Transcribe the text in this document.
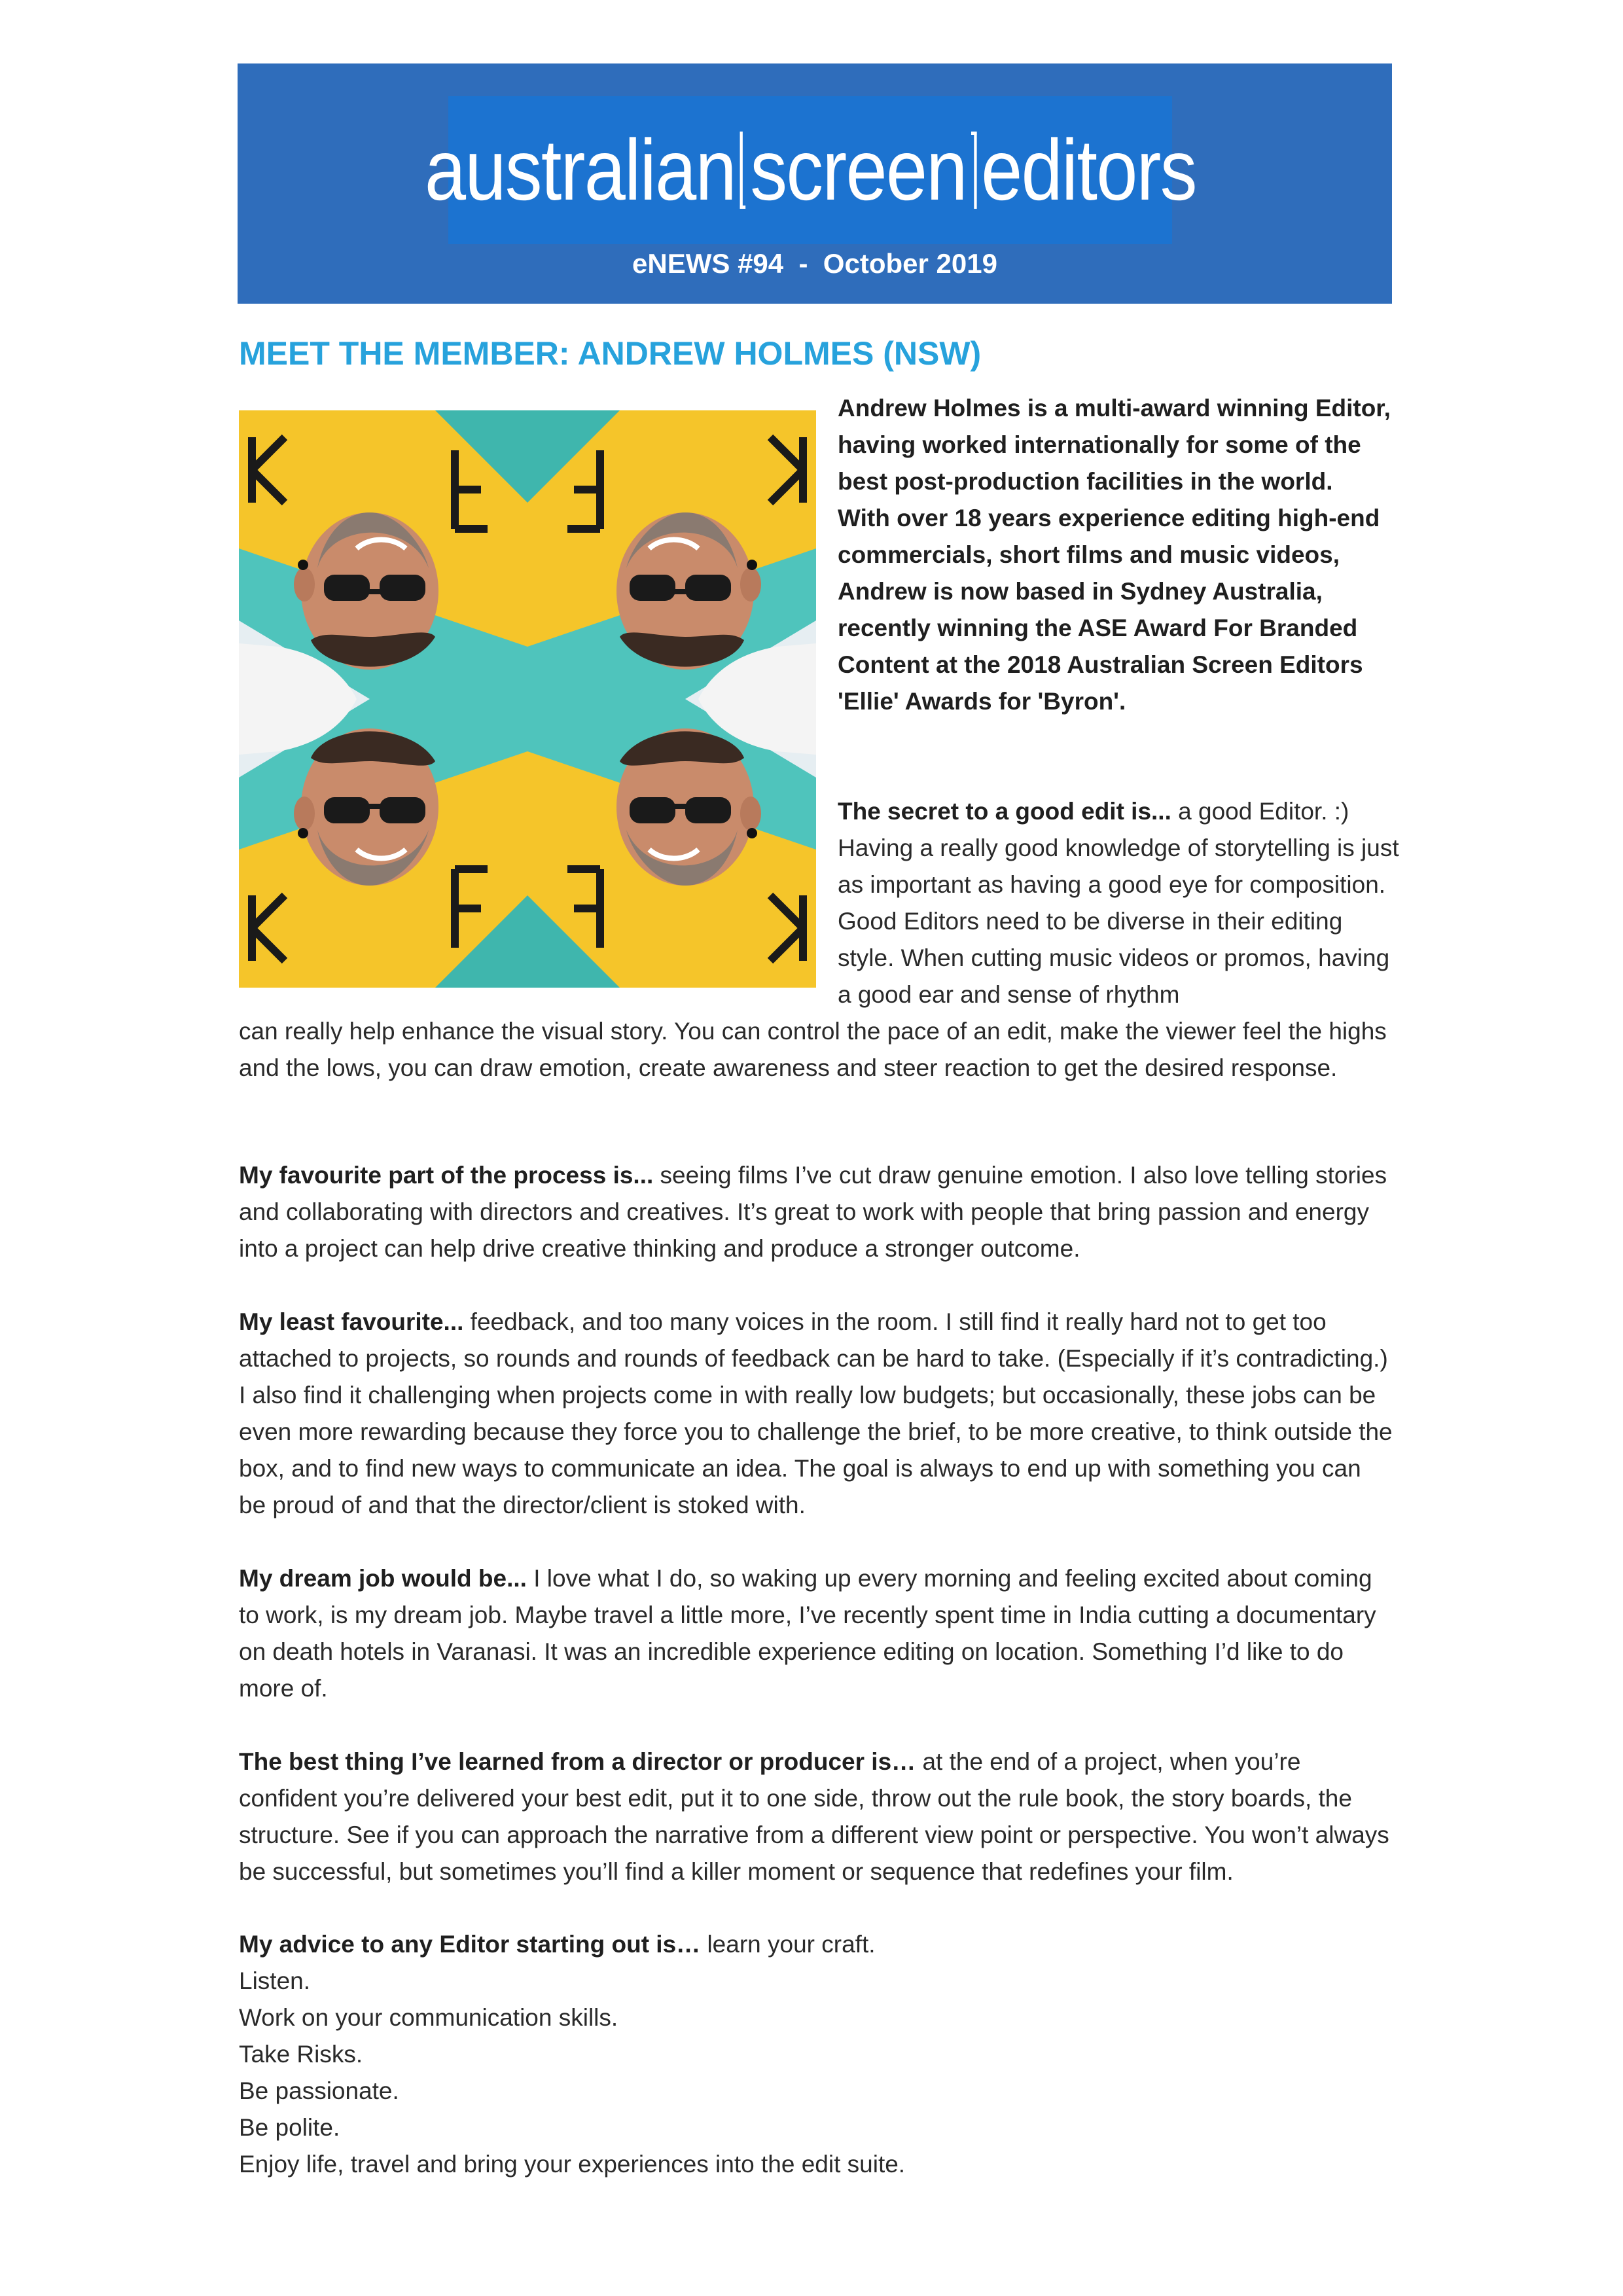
australian screen editors
eNEWS #94  -  October 2019
MEET THE MEMBER: ANDREW HOLMES (NSW)

Andrew Holmes is a multi-award winning Editor, having worked internationally for some of the best post-production facilities in the world.

With over 18 years experience editing high-end commercials, short films and music videos, Andrew is now based in Sydney Australia, recently winning the ASE Award For Branded Content at the 2018 Australian Screen Editors 'Ellie' Awards for 'Byron'.

The secret to a good edit is... a good Editor. :) Having a really good knowledge of storytelling is just as important as having a good eye for composition. Good Editors need to be diverse in their editing style. When cutting music videos or promos, having a good ear and sense of rhythm

can really help enhance the visual story. You can control the pace of an edit, make the viewer feel the highs and the lows, you can draw emotion, create awareness and steer reaction to get the desired response.

My favourite part of the process is... seeing films I’ve cut draw genuine emotion. I also love telling stories and collaborating with directors and creatives. It’s great to work with people that bring passion and energy into a project can help drive creative thinking and produce a stronger outcome.

My least favourite... feedback, and too many voices in the room. I still find it really hard not to get too attached to projects, so rounds and rounds of feedback can be hard to take. (Especially if it’s contradicting.) I also find it challenging when projects come in with really low budgets; but occasionally, these jobs can be even more rewarding because they force you to challenge the brief, to be more creative, to think outside the box, and to find new ways to communicate an idea. The goal is always to end up with something you can be proud of and that the director/client is stoked with.

My dream job would be... I love what I do, so waking up every morning and feeling excited about coming to work, is my dream job. Maybe travel a little more, I’ve recently spent time in India cutting a documentary on death hotels in Varanasi. It was an incredible experience editing on location. Something I’d like to do more of.

The best thing I’ve learned from a director or producer is… at the end of a project, when you’re confident you’re delivered your best edit, put it to one side, throw out the rule book, the story boards, the structure. See if you can approach the narrative from a different view point or perspective. You won’t always be successful, but sometimes you’ll find a killer moment or sequence that redefines your film.

My advice to any Editor starting out is… learn your craft.
Listen.
Work on your communication skills.
Take Risks.
Be passionate.
Be polite.
Enjoy life, travel and bring your experiences into the edit suite.
